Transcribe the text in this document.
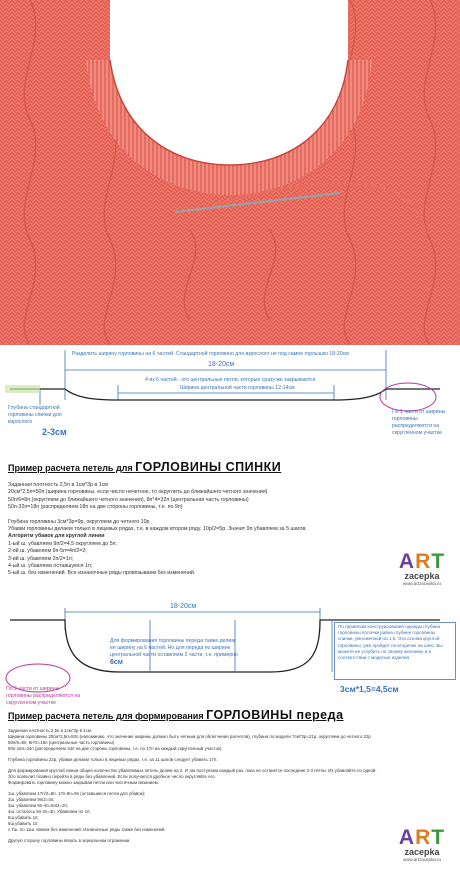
Разделить ширину горловины на 6 частей. Стандартной горловино для взрослого не под самое горлышко 18-20см
18-20см
4 из 6 частей - это центральные петли, которые сразу же закрываются
Ширина центральной части горловины 12-14см
Глубина стандартной горловины спинки для взрослого
2-3см
По 1 части от ширины горловины распределяются на скругленном участке
Пример расчета петель для ГОРЛОВИНЫ СПИНКИ
Заданная плотность 2,5п в 1см*3р в 1см
20см*2,5п=50п (ширина горловины, если число нечетное, то округлить до ближайшего четного значения)
50п/6=8п (округляем до ближайшего четного значения), 8п*4=32п (центральная часть горловины)
50п-32п=18п (распределяем 18п на две стороны горловины, т.е. по 9п)
Глубина горловины 3см*3р=9р, округляем до четного 10р
Убавки горловины делаем только в лицевых рядах, т.е. в каждом втором ряду. 10р/2=5р. Значит 9п убавляем за 5 шагов.
Алгоритм убавок для круглой линии
1-ый ш. убавляем 9п/2=4,5 округляем до 5п;
2-ой ш. убавляем 9п-5п=4п/2=2;
3-ий ш. убавляем 2п/2=1п;
4-ый ш. убавляем оставшуюся 1п;
5-ый ш. без изменений. Все изнаночные ряды провязываем без изменений.
ART
zacepka
www.artzacepka.ru
18-20см
Для формирования горловины переда также делим ее ширину на 6 частей. Но для переда по ширине центральной части оставляем 2 части, т.е. примерно 6см
По правилам конструирования одежды глубина горловины полочки равна глубине горловины спинки, умноженной на 1,5. Эта основа круглой горловины, уже пройдет по вторичке на шею. Вы можете ее углубить по своему желанию и в соответствии с моделью изделия.
3см*1,5=4,5см
По 2 части от ширины горловины распределяются на скругленном участке
Пример расчета петель для формирования ГОРЛОВИНЫ переда
Заданная плотность 2,5п в 1см*3р в 1см
Ширина горловины 20см*2,5п=50п (напоминаю, что значение ширины должно быть четным для облегчения расчетов), глубина по модели 7см*3р=21р, округляем до четного 22р
50п/6=8п; 8п*2=16п (центральные часть горловины)
50п-16п=34п (распределяем 34п на две стороны горловины, т.е. по 17п на каждый скругленный участок)
Глубина горловины 22р, убавки делаем только в лицевых рядах, т.е. за 11 шагов следует убавить 17п.
Для формирования круглой линии общее количество убавляемых петель делим на 2. И так поступаем каждый раз, пока не останется последние 2-3 петли. Их убавляйте по одной.
Это позволит плавно перейти в ряды без убавлений. Если получается дробное число округляйте его.
Формировать горловину можно закрывая петли или частичным вязанием.
1ш. убавляем 17п/2=8п. 17п-8п=9п (оставшиеся петли для убавок);
2ш. убавляем 9п/2=4п;
3ш. убавляем 9п-4п=5п/2=2п;
4ш. осталось 5п-2п=3п. Убавляем по 1п;
5ш.убавить 1п;
6ш.убавить 1п;
с 7ш. по 11ш. вяжем без изменений. Изнаночные ряды также без изменений.
Другую сторону горловины вязать в зеркальном отражении.	ART
zacepka
www.artzacepka.ru
